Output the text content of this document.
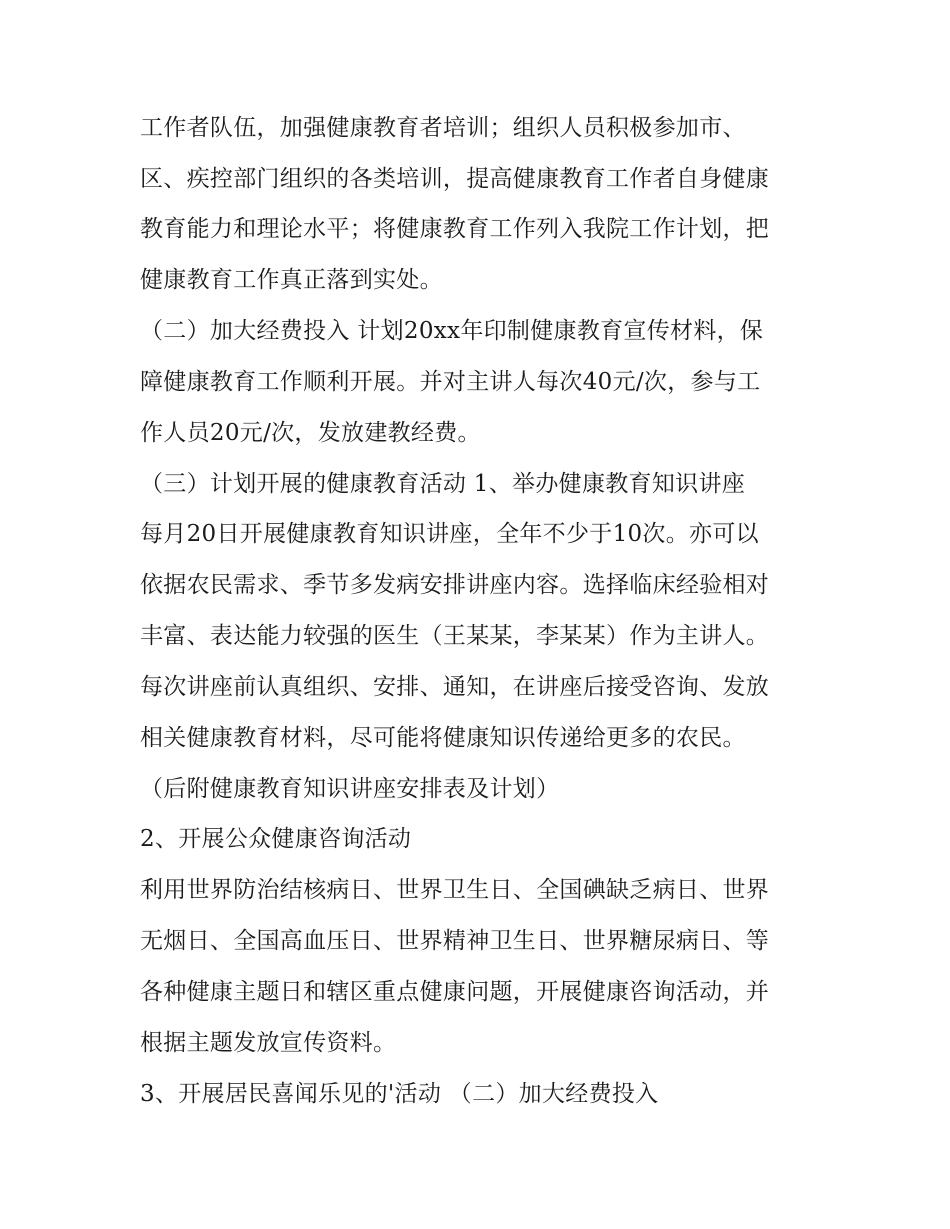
工作者队伍，加强健康教育者培训；组织人员积极参加市、
区、疾控部门组织的各类培训，提高健康教育工作者自身健康
教育能力和理论水平；将健康教育工作列入我院工作计划，把
健康教育工作真正落到实处。
（二）加大经费投入 计划20xx年印制健康教育宣传材料，保
障健康教育工作顺利开展。并对主讲人每次40元/次，参与工
作人员20元/次，发放建教经费。
（三）计划开展的健康教育活动 1、举办健康教育知识讲座
每月20日开展健康教育知识讲座，全年不少于10次。亦可以
依据农民需求、季节多发病安排讲座内容。选择临床经验相对
丰富、表达能力较强的医生（王某某，李某某）作为主讲人。
每次讲座前认真组织、安排、通知，在讲座后接受咨询、发放
相关健康教育材料，尽可能将健康知识传递给更多的农民。
（后附健康教育知识讲座安排表及计划）
2、开展公众健康咨询活动
利用世界防治结核病日、世界卫生日、全国碘缺乏病日、世界
无烟日、全国高血压日、世界精神卫生日、世界糖尿病日、等
各种健康主题日和辖区重点健康问题，开展健康咨询活动，并
根据主题发放宣传资料。
3、开展居民喜闻乐见的'活动 （二）加大经费投入
